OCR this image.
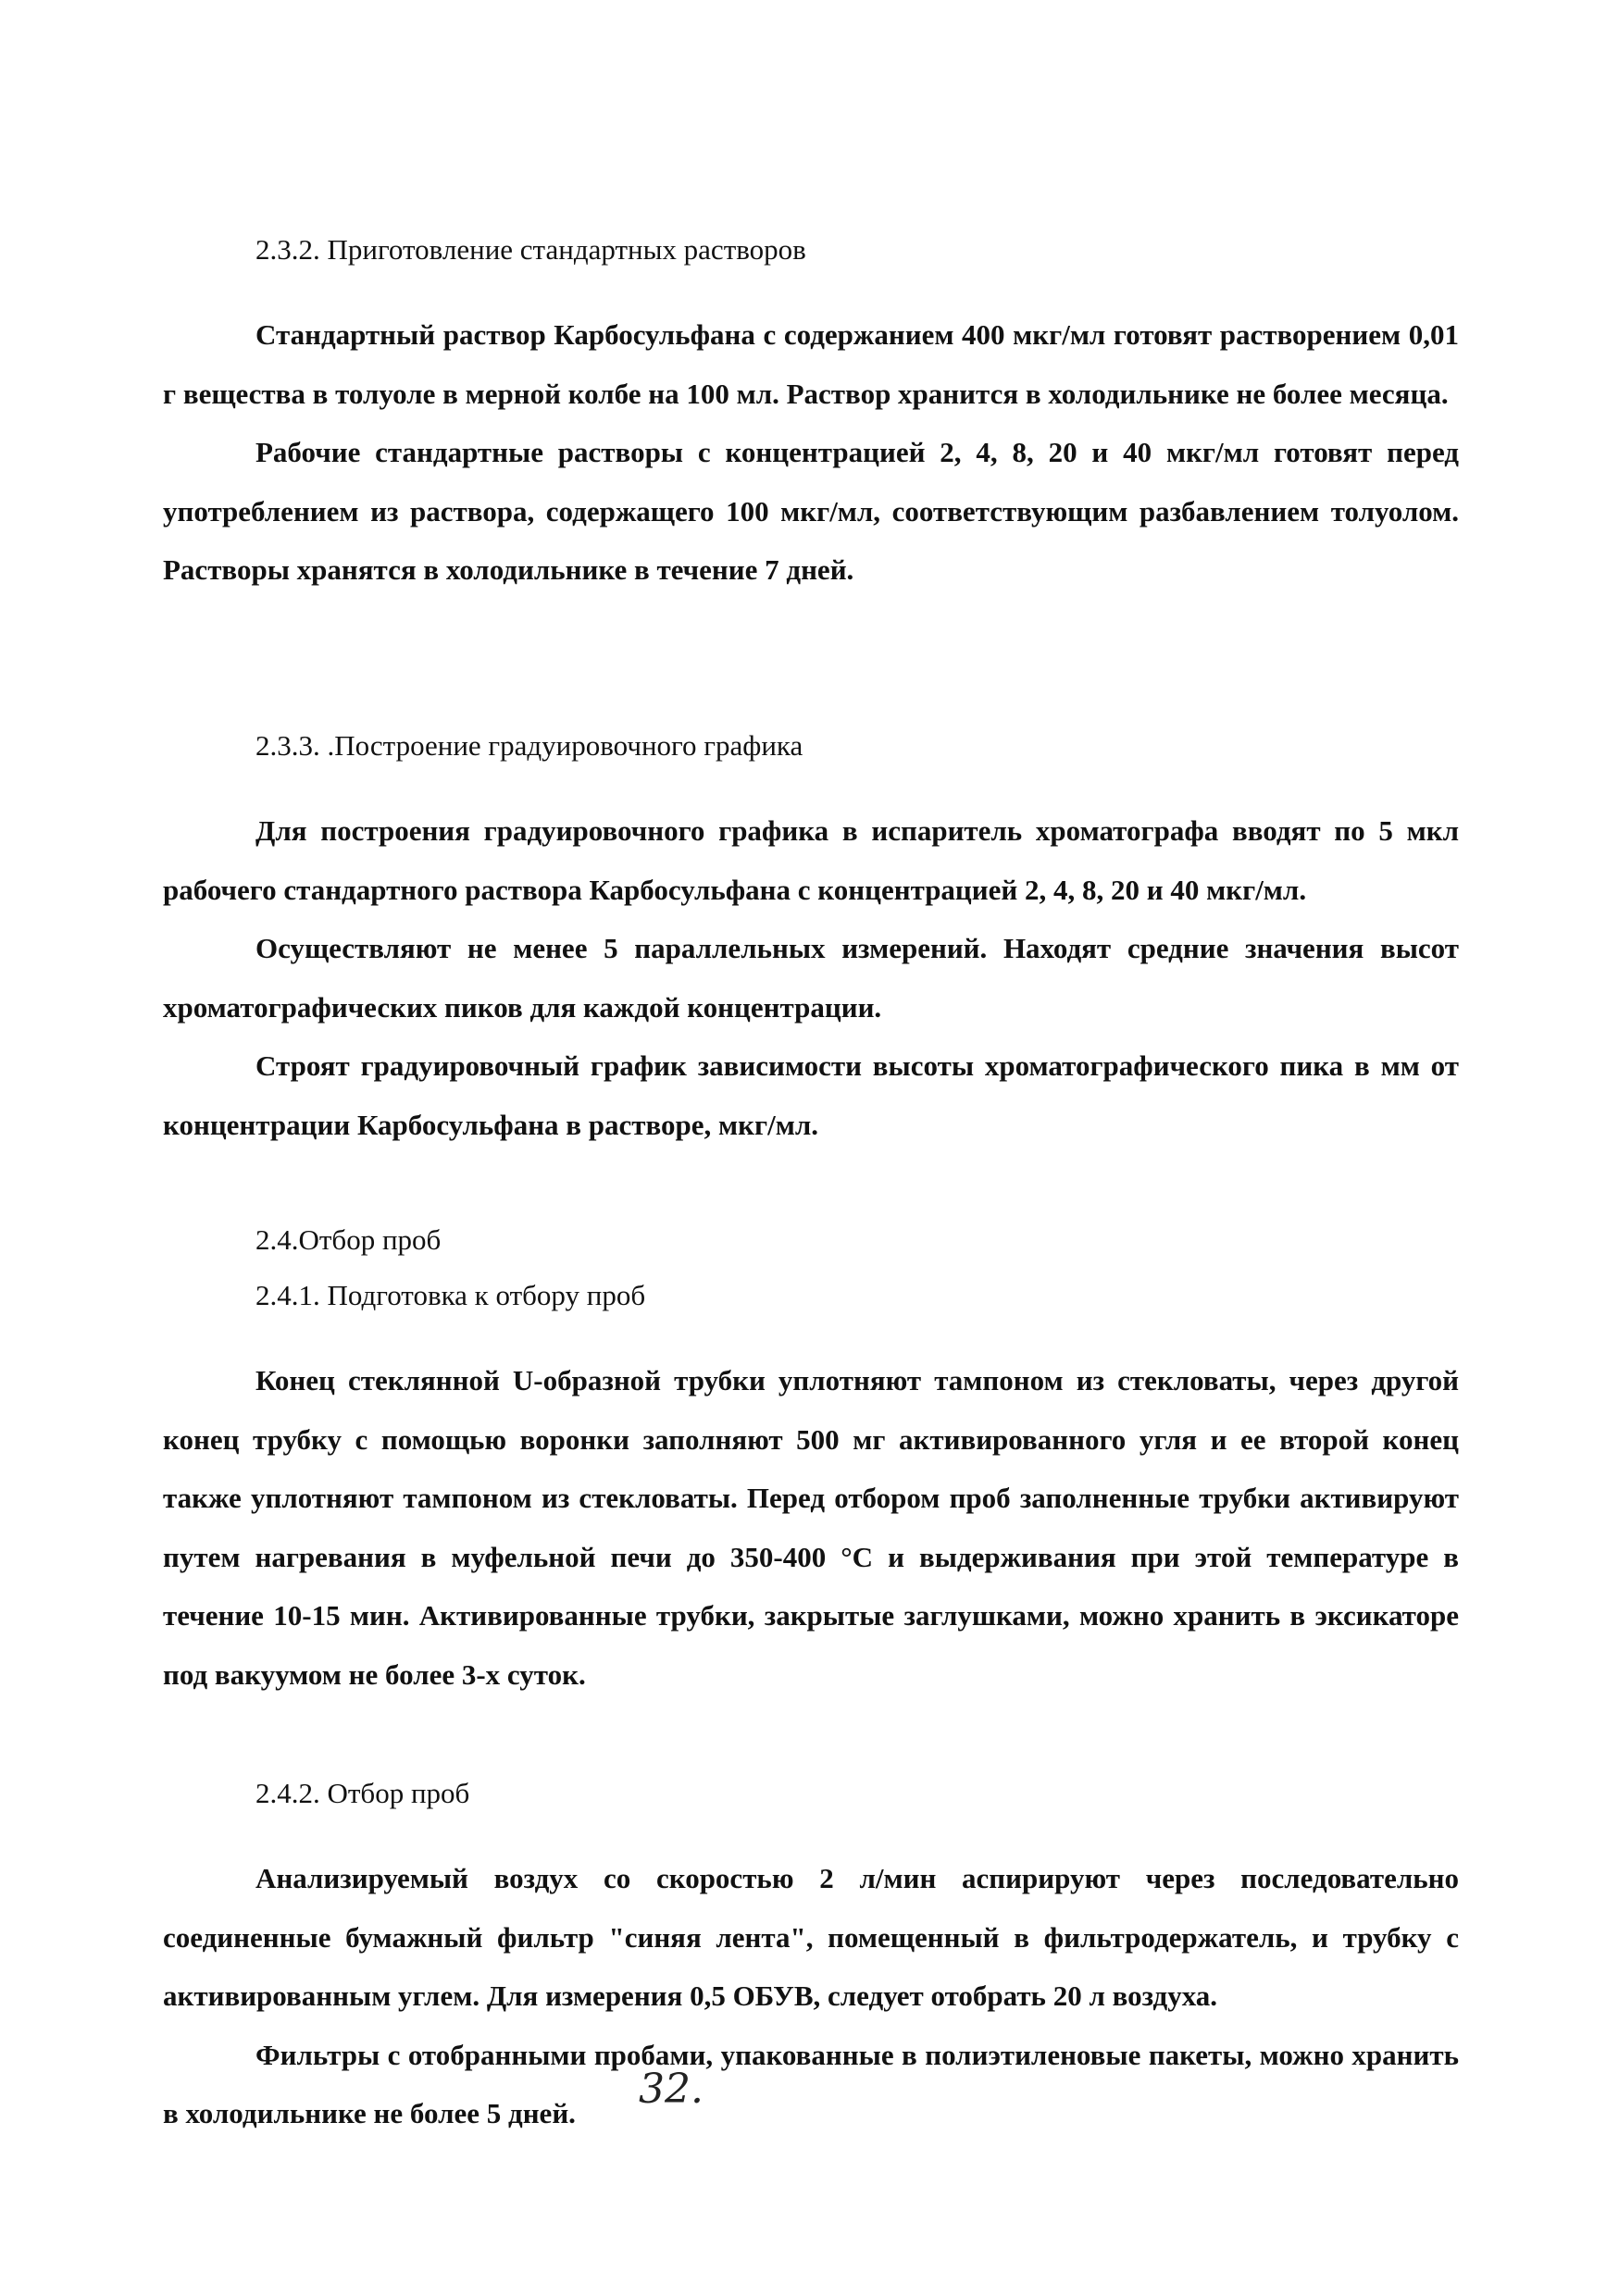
2.3.2. Приготовление стандартных растворов

Стандартный раствор Карбосульфана с содержанием 400 мкг/мл готовят растворением 0,01 г вещества в толуоле в мерной колбе на 100 мл. Раствор хранится в холодильнике не более месяца.

Рабочие стандартные растворы с концентрацией 2, 4, 8, 20 и 40 мкг/мл готовят перед употреблением из раствора, содержащего 100 мкг/мл, соответствующим разбавлением толуолом. Растворы хранятся в холодильнике в течение 7 дней.

2.3.3. .Построение градуировочного графика

Для построения градуировочного графика в испаритель хроматографа вводят по 5 мкл рабочего стандартного раствора Карбосульфана с концентрацией 2, 4, 8, 20 и 40 мкг/мл.

Осуществляют не менее 5 параллельных измерений. Находят средние значения высот хроматографических пиков для каждой концентрации.

Строят градуировочный график зависимости высоты хроматографического пика в мм от концентрации Карбосульфана в растворе, мкг/мл.

2.4.Отбор проб
2.4.1. Подготовка к отбору проб

Конец стеклянной U-образной трубки уплотняют тампоном из стекловаты, через другой конец трубку с помощью воронки заполняют 500 мг активированного угля и ее второй конец также уплотняют тампоном из стекловаты. Перед отбором проб заполненные трубки активируют путем нагревания в муфельной печи до 350-400 °С и выдерживания при этой температуре в течение 10-15 мин. Активированные трубки, закрытые заглушками, можно хранить в эксикаторе под вакуумом не более 3-х суток.

2.4.2. Отбор проб

Анализируемый воздух со скоростью 2 л/мин аспирируют через последовательно соединенные бумажный фильтр "синяя лента", помещенный в фильтродержатель, и трубку с активированным углем. Для измерения 0,5 ОБУВ, следует отобрать 20 л воздуха.

Фильтры с отобранными пробами, упакованные в полиэтиленовые пакеты, можно хранить в холодильнике не более 5 дней.

32.
